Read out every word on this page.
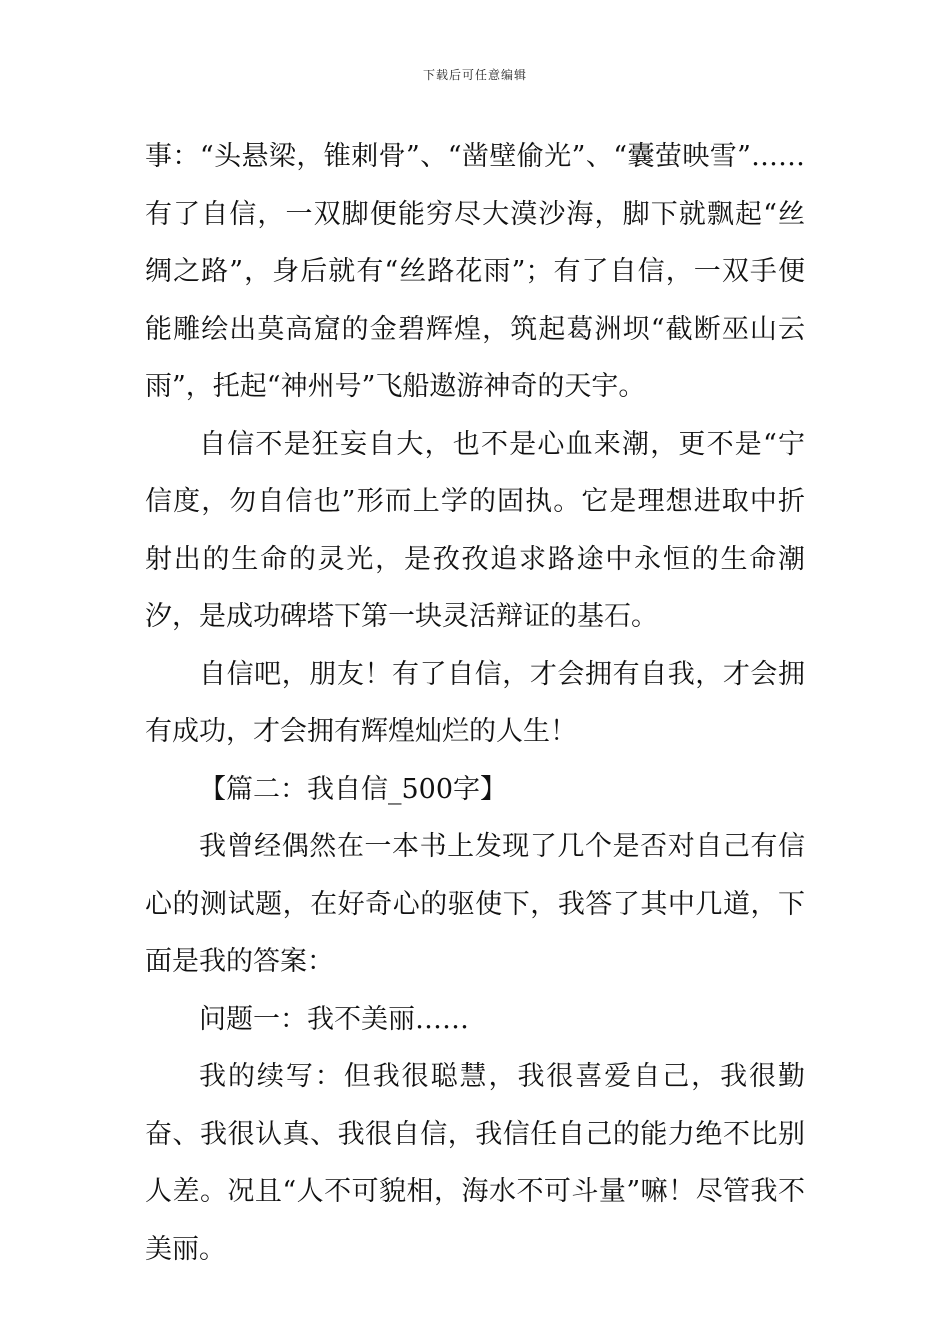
下载后可任意编辑

事：“头悬梁，锥刺骨”、“凿壁偷光”、“囊萤映雪”……有了自信，一双脚便能穷尽大漠沙海，脚下就飘起“丝绸之路”，身后就有“丝路花雨”；有了自信，一双手便能雕绘出莫高窟的金碧辉煌，筑起葛洲坝“截断巫山云雨”，托起“神州号”飞船遨游神奇的天宇。

自信不是狂妄自大，也不是心血来潮，更不是“宁信度，勿自信也”形而上学的固执。它是理想进取中折射出的生命的灵光，是孜孜追求路途中永恒的生命潮汐，是成功碑塔下第一块灵活辩证的基石。

自信吧，朋友！有了自信，才会拥有自我，才会拥有成功，才会拥有辉煌灿烂的人生！

【篇二：我自信_500字】

我曾经偶然在一本书上发现了几个是否对自己有信心的测试题，在好奇心的驱使下，我答了其中几道，下面是我的答案：

问题一：我不美丽……

我的续写：但我很聪慧，我很喜爱自己，我很勤奋、我很认真、我很自信，我信任自己的能力绝不比别人差。况且“人不可貌相，海水不可斗量”嘛！尽管我不美丽。
